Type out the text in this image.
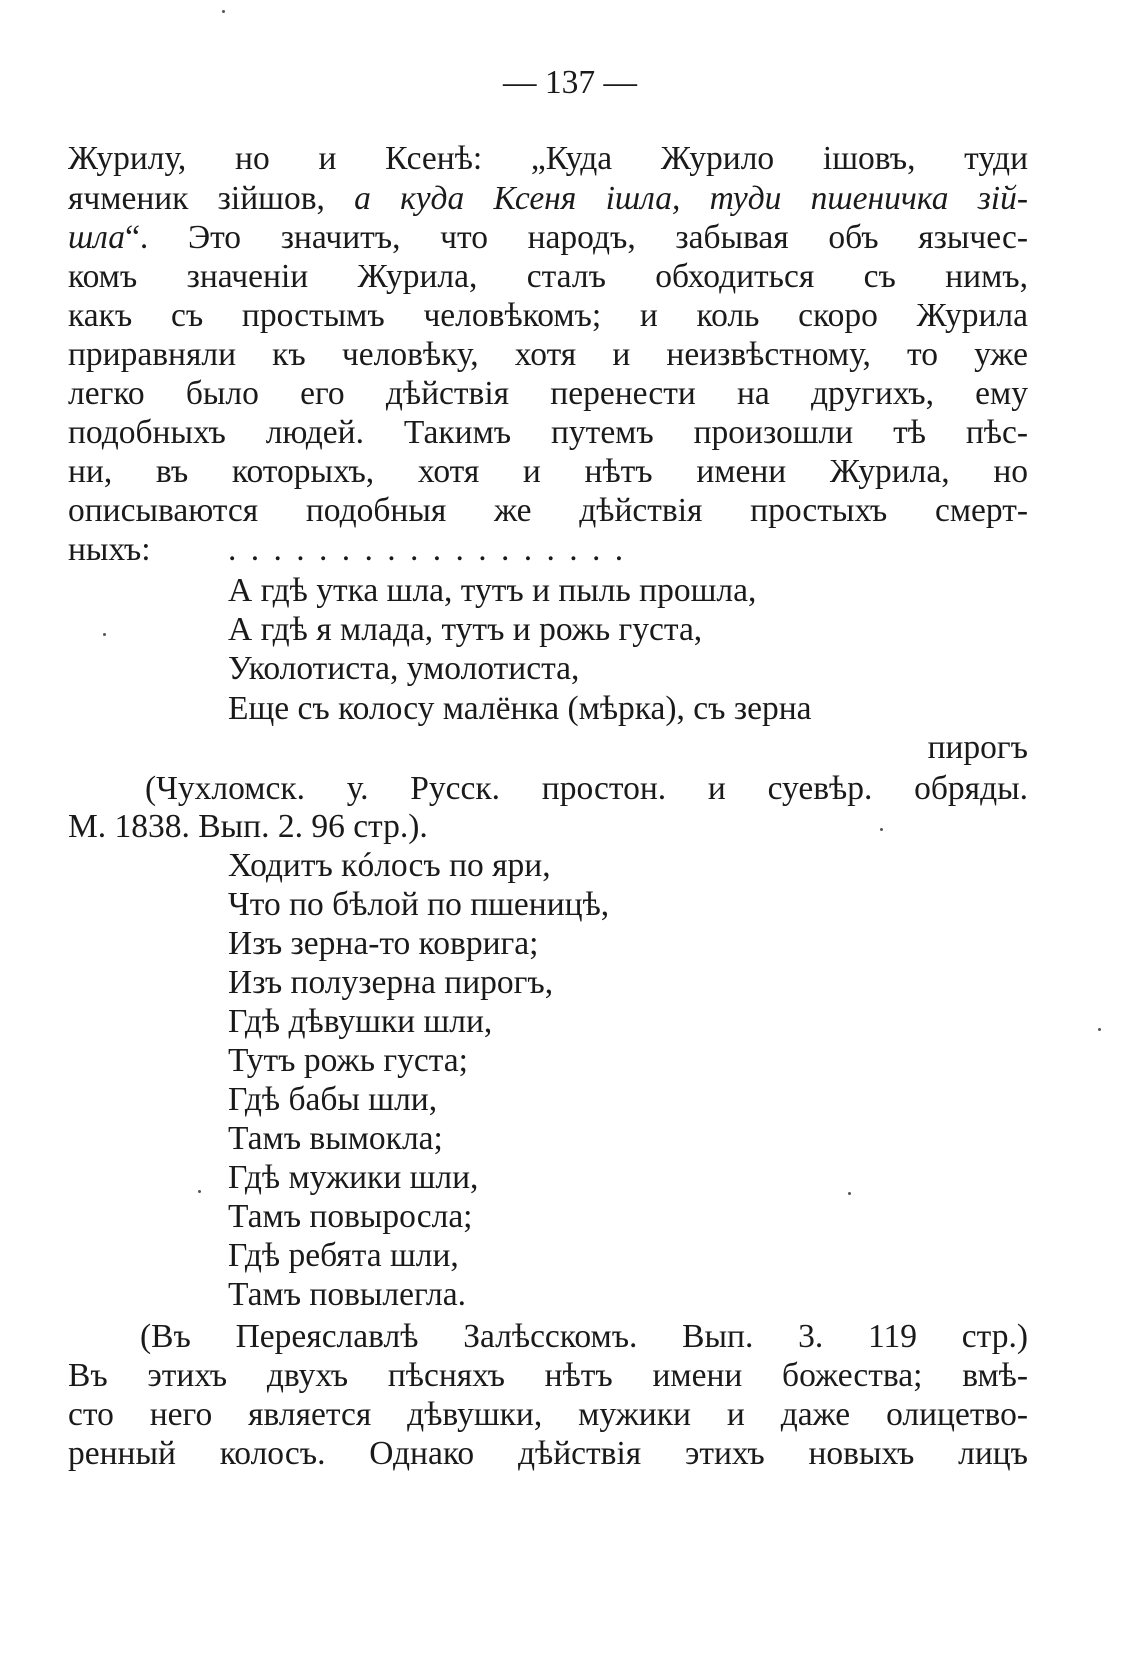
— 137 —
Журилу, но и Ксенѣ: „Куда Журило iшовъ, туди
ячменик зiйшов, а куда Ксеня iшла, туди пшеничка зiй-
шла“. Это значитъ, что народъ, забывая объ язычес-
комъ значенiи Журила, сталъ обходиться съ нимъ,
какъ съ простымъ человѣкомъ; и коль скоро Журила
приравняли къ человѣку, хотя и неизвѣстному, то уже
легко было его дѣйствiя перенести на другихъ, ему
подобныхъ людей. Такимъ путемъ произошли тѣ пѣс-
ни, въ которыхъ, хотя и нѣтъ имени Журила, но
описываются подобныя же дѣйствiя простыхъ смерт-
ныхъ: . . . . . . . . . . . . . . . . . .
А гдѣ утка шла, тутъ и пыль прошла,
А гдѣ я млада, тутъ и рожь густа,
Уколотиста, умолотиста,
Еще съ колосу малёнка (мѣрка), съ зерна
пирогъ
(Чухломск. у. Русск. простон. и суевѣр. обряды.
М. 1838. Вып. 2. 96 стр.).
Ходитъ кóлосъ по яри,
Что по бѣлой по пшеницѣ,
Изъ зерна-то коврига;
Изъ полузерна пирогъ,
Гдѣ дѣвушки шли,
Тутъ рожь густа;
Гдѣ бабы шли,
Тамъ вымокла;
Гдѣ мужики шли,
Тамъ повыросла;
Гдѣ ребята шли,
Тамъ повылегла.
(Въ Переяславлѣ Залѣсскомъ. Вып. 3. 119 стр.)
Въ этихъ двухъ пѣсняхъ нѣтъ имени божества; вмѣ-
сто него является дѣвушки, мужики и даже олицетво-
ренный колосъ. Однако дѣйствiя этихъ новыхъ лицъ
